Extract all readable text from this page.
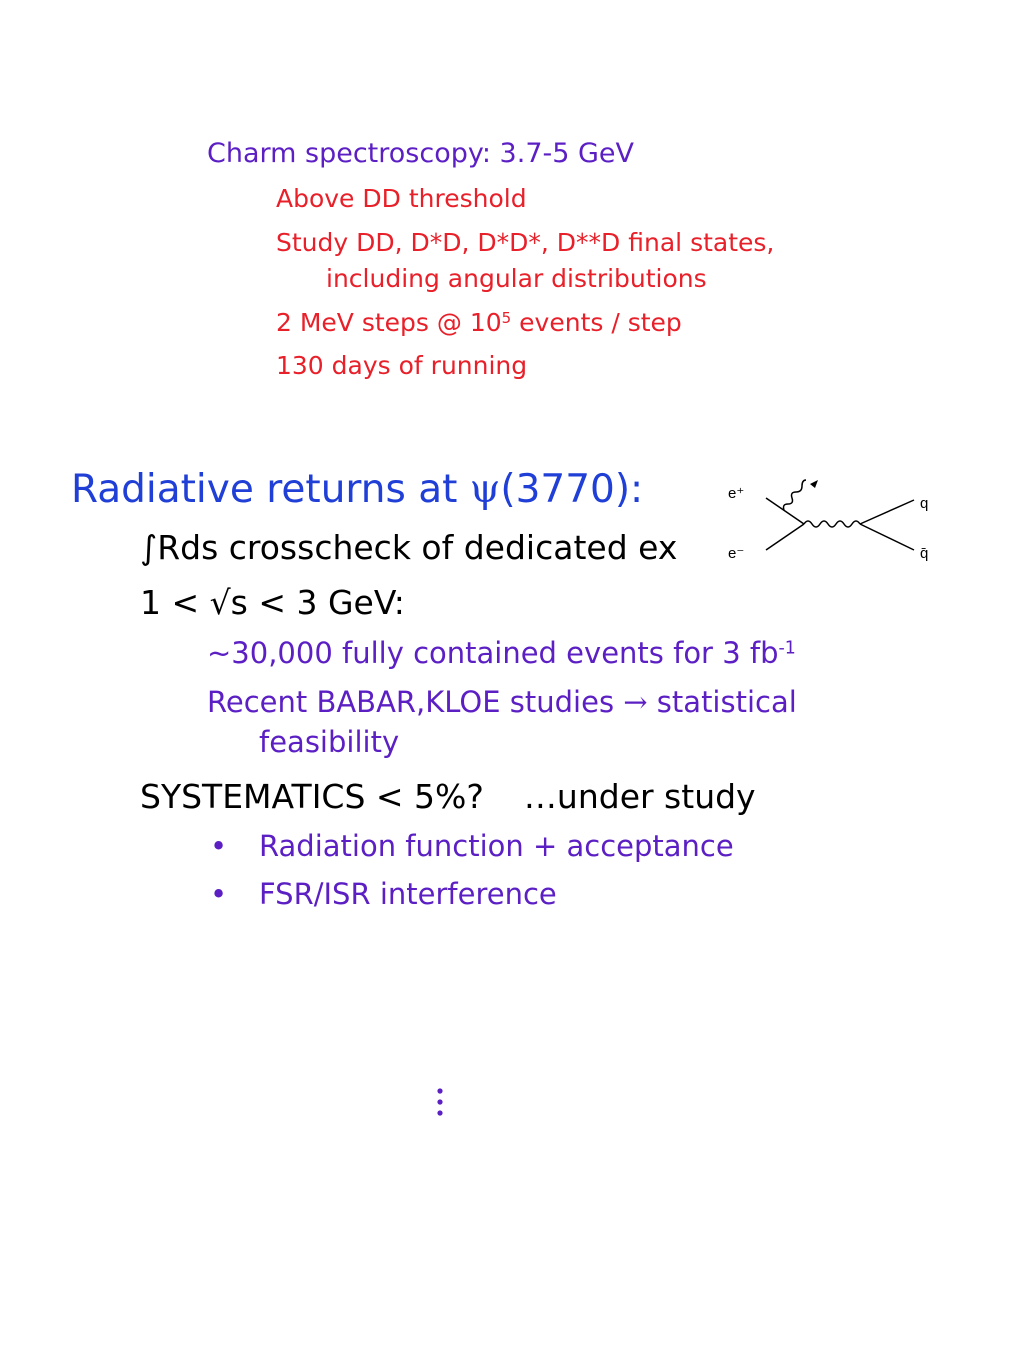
Charm spectroscopy: 3.7-5 GeV
Above DD threshold
Study DD, D*D, D*D*, D**D final states,
including angular distributions
2 MeV steps @ $10^5$ events / step
130 days of running
Radiative returns at ψ(3770):
∫Rds crosscheck of dedicated ex
1 < √s < 3 GeV:
~30,000 fully contained events for 3 $fb^{-1}$
Recent BABAR,KLOE studies → statistical
feasibility
SYSTEMATICS < 5%? …under study
• Radiation function + acceptance
• FSR/ISR interference
e⁺
e⁻
q
q̄
